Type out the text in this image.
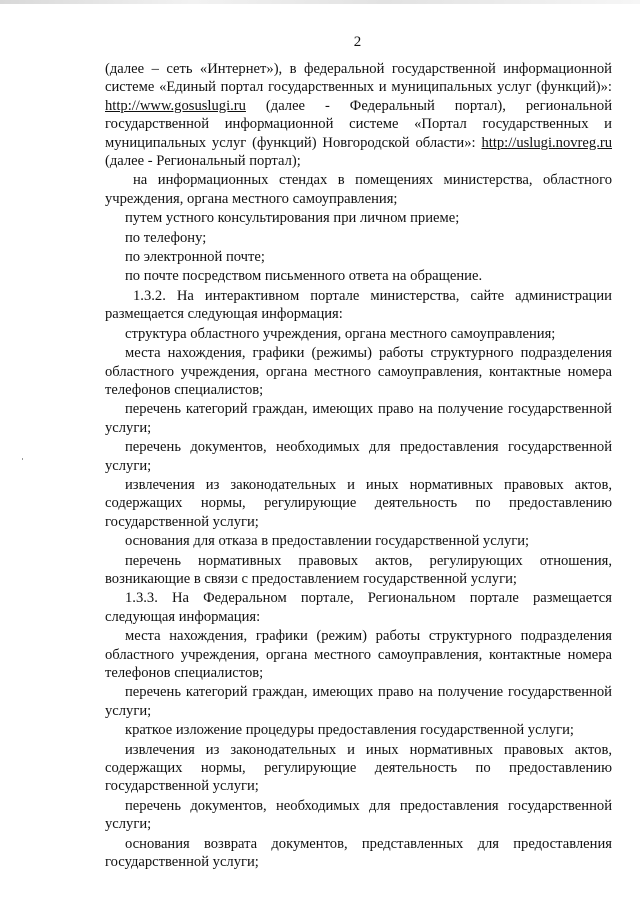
2

(далее – сеть «Интернет»), в федеральной государственной информационной системе «Единый портал государственных и муниципальных услуг (функций)»: http://www.gosuslugi.ru (далее - Федеральный портал), региональной государственной информационной системе «Портал государственных и муниципальных услуг (функций) Новгородской области»: http://uslugi.novreg.ru (далее - Региональный портал);

на информационных стендах в помещениях министерства, областного учреждения, органа местного самоуправления;

путем устного консультирования при личном приеме;

по телефону;

по электронной почте;

по почте посредством письменного ответа на обращение.

1.3.2. На интерактивном портале министерства, сайте администрации размещается следующая информация:

структура областного учреждения, органа местного самоуправления;

места нахождения, графики (режимы) работы структурного подразделения областного учреждения, органа местного самоуправления, контактные номера телефонов специалистов;

перечень категорий граждан, имеющих право на получение государственной услуги;

перечень документов, необходимых для предоставления государственной услуги;

извлечения из законодательных и иных нормативных правовых актов, содержащих нормы, регулирующие деятельность по предоставлению государственной услуги;

основания для отказа в предоставлении государственной услуги;

перечень нормативных правовых актов, регулирующих отношения, возникающие в связи с предоставлением государственной услуги;

1.3.3. На Федеральном портале, Региональном портале размещается следующая информация:

места нахождения, графики (режим) работы структурного подразделения областного учреждения, органа местного самоуправления, контактные номера телефонов специалистов;

перечень категорий граждан, имеющих право на получение государственной услуги;

краткое изложение процедуры предоставления государственной услуги;

извлечения из законодательных и иных нормативных правовых актов, содержащих нормы, регулирующие деятельность по предоставлению государственной услуги;

перечень документов, необходимых для предоставления государственной услуги;

основания возврата документов, представленных для предоставления государственной услуги;
